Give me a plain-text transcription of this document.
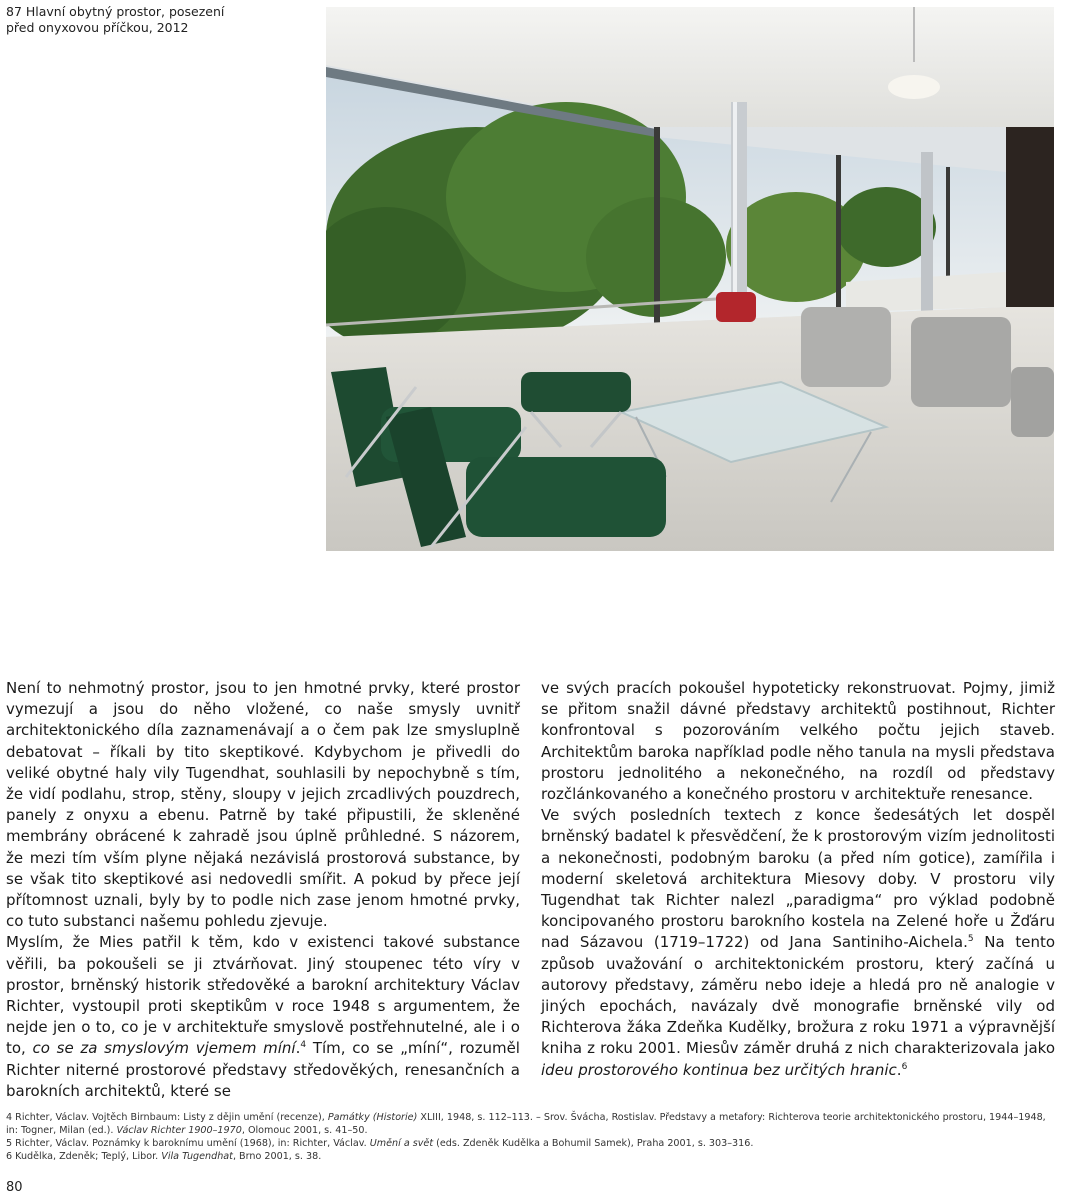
87 Hlavní obytný prostor, posezení
před onyxovou příčkou, 2012

Není to nehmotný prostor, jsou to jen hmotné prvky, které prostor vymezují a jsou do něho vložené, co naše smysly uvnitř architektonického díla zaznamenávají a o čem pak lze smysluplně debatovat – říkali by tito skeptikové. Kdybychom je přivedli do veliké obytné haly vily Tugendhat, souhlasili by nepochybně s tím, že vidí podlahu, strop, stěny, sloupy v jejich zrcadlivých pouzdrech, panely z onyxu a ebenu. Patrně by také připustili, že skleněné membrány obrácené k zahradě jsou úplně průhledné. S názorem, že mezi tím vším plyne nějaká nezávislá prostorová substance, by se však tito skeptikové asi nedovedli smířit. A pokud by přece její přítomnost uznali, byly by to podle nich zase jenom hmotné prvky, co tuto substanci našemu pohledu zjevuje.

Myslím, že Mies patřil k těm, kdo v existenci takové substance věřili, ba pokoušeli se ji ztvárňovat. Jiný stoupenec této víry v prostor, brněnský historik středověké a barokní architektury Václav Richter, vystoupil proti skeptikům v roce 1948 s argumentem, že nejde jen o to, co je v architektuře smyslově postřehnutelné, ale i o to, co se za smyslovým vjemem míní.$^4$ Tím, co se „míní“, rozuměl Richter niterné prostorové představy středověkých, renesančních a barokních architektů, které se

ve svých pracích pokoušel hypoteticky rekonstruovat. Pojmy, jimiž se přitom snažil dávné představy architektů postihnout, Richter konfrontoval s pozorováním velkého počtu jejich staveb. Architektům baroka například podle něho tanula na mysli představa prostoru jednolitého a nekonečného, na rozdíl od představy rozčlánkovaného a konečného prostoru v architektuře renesance.

Ve svých posledních textech z konce šedesátých let dospěl brněnský badatel k přesvědčení, že k prostorovým vizím jednolitosti a nekonečnosti, podobným baroku (a před ním gotice), zamířila i moderní skeletová architektura Miesovy doby. V prostoru vily Tugendhat tak Richter nalezl „paradigma“ pro výklad podobně koncipovaného prostoru barokního kostela na Zelené hoře u Žďáru nad Sázavou (1719–1722) od Jana Santiniho-Aichela.$^5$ Na tento způsob uvažování o architektonickém prostoru, který začíná u autorovy představy, záměru nebo ideje a hledá pro ně analogie v jiných epochách, navázaly dvě monografie brněnské vily od Richterova žáka Zdeňka Kudělky, brožura z roku 1971 a výpravnější kniha z roku 2001. Miesův záměr druhá z nich charakterizovala jako ideu prostorového kontinua bez určitých hranic.$^6$

4 Richter, Václav. Vojtěch Birnbaum: Listy z dějin umění (recenze), Památky (Historie) XLIII, 1948, s. 112–113. – Srov. Švácha, Rostislav. Představy a metafory: Richterova teorie architektonického prostoru, 1944–1948, in: Togner, Milan (ed.). Václav Richter 1900–1970, Olomouc 2001, s. 41–50.
5 Richter, Václav. Poznámky k baroknímu umění (1968), in: Richter, Václav. Umění a svět (eds. Zdeněk Kudělka a Bohumil Samek), Praha 2001, s. 303–316.
6 Kudělka, Zdeněk; Teplý, Libor. Vila Tugendhat, Brno 2001, s. 38.
80
